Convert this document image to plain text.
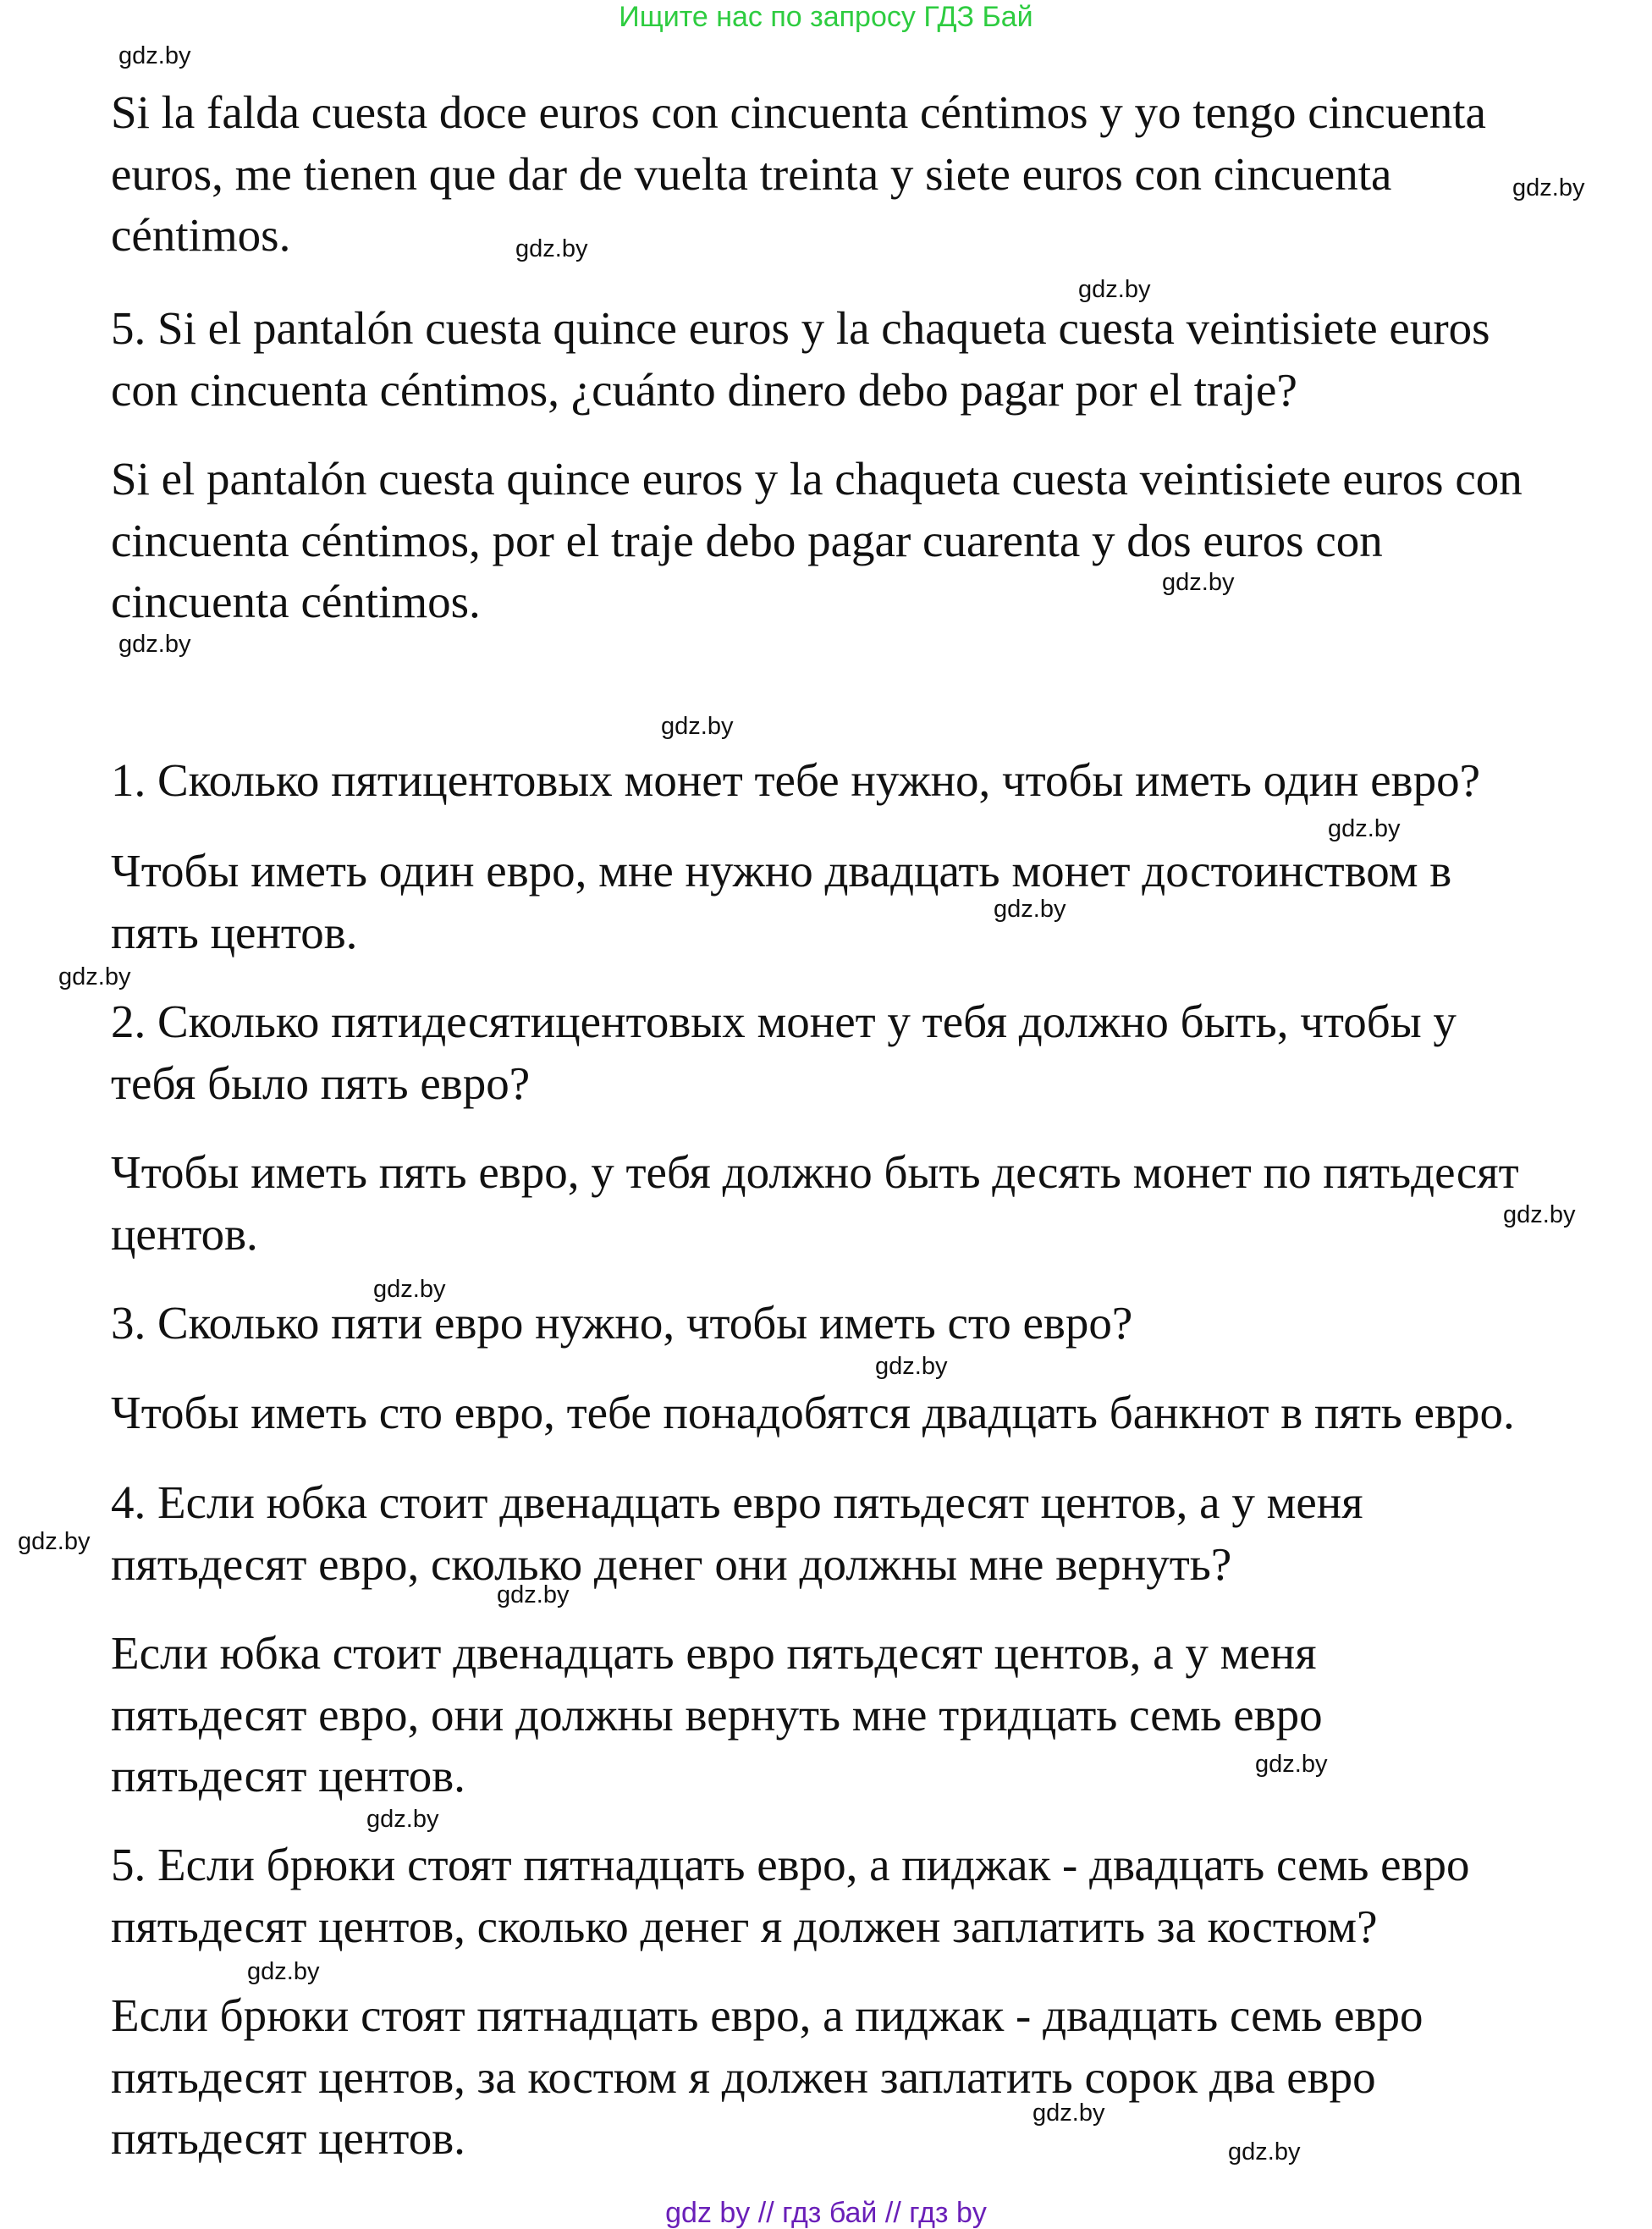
Ищите нас по запросу ГДЗ Бай

Si la falda cuesta doce euros con cincuenta céntimos y yo tengo cincuenta
euros, me tienen que dar de vuelta treinta y siete euros con cincuenta
céntimos.

5. Si el pantalón cuesta quince euros y la chaqueta cuesta veintisiete euros
con cincuenta céntimos, ¿cuánto dinero debo pagar por el traje?

Si el pantalón cuesta quince euros y la chaqueta cuesta veintisiete euros con
cincuenta céntimos, por el traje debo pagar cuarenta y dos euros con
cincuenta céntimos.

1. Сколько пятицентовых монет тебе нужно, чтобы иметь один евро?

Чтобы иметь один евро, мне нужно двадцать монет достоинством в
пять центов.

2. Сколько пятидесятицентовых монет у тебя должно быть, чтобы у
тебя было пять евро?

Чтобы иметь пять евро, у тебя должно быть десять монет по пятьдесят
центов.

3. Сколько пяти евро нужно, чтобы иметь сто евро?

Чтобы иметь сто евро, тебе понадобятся двадцать банкнот в пять евро.

4. Если юбка стоит двенадцать евро пятьдесят центов, а у меня
пятьдесят евро, сколько денег они должны мне вернуть?

Если юбка стоит двенадцать евро пятьдесят центов, а у меня
пятьдесят евро, они должны вернуть мне тридцать семь евро
пятьдесят центов.

5. Если брюки стоят пятнадцать евро, а пиджак - двадцать семь евро
пятьдесят центов, сколько денег я должен заплатить за костюм?

Если брюки стоят пятнадцать евро, а пиджак - двадцать семь евро
пятьдесят центов, за костюм я должен заплатить сорок два евро
пятьдесят центов.

gdz.by
gdz.by
gdz.by
gdz.by
gdz.by
gdz.by
gdz.by
gdz.by
gdz.by
gdz.by
gdz.by
gdz.by
gdz.by
gdz.by
gdz.by
gdz.by
gdz.by
gdz.by
gdz.by
gdz.by
gdz by // гдз бай // гдз by
